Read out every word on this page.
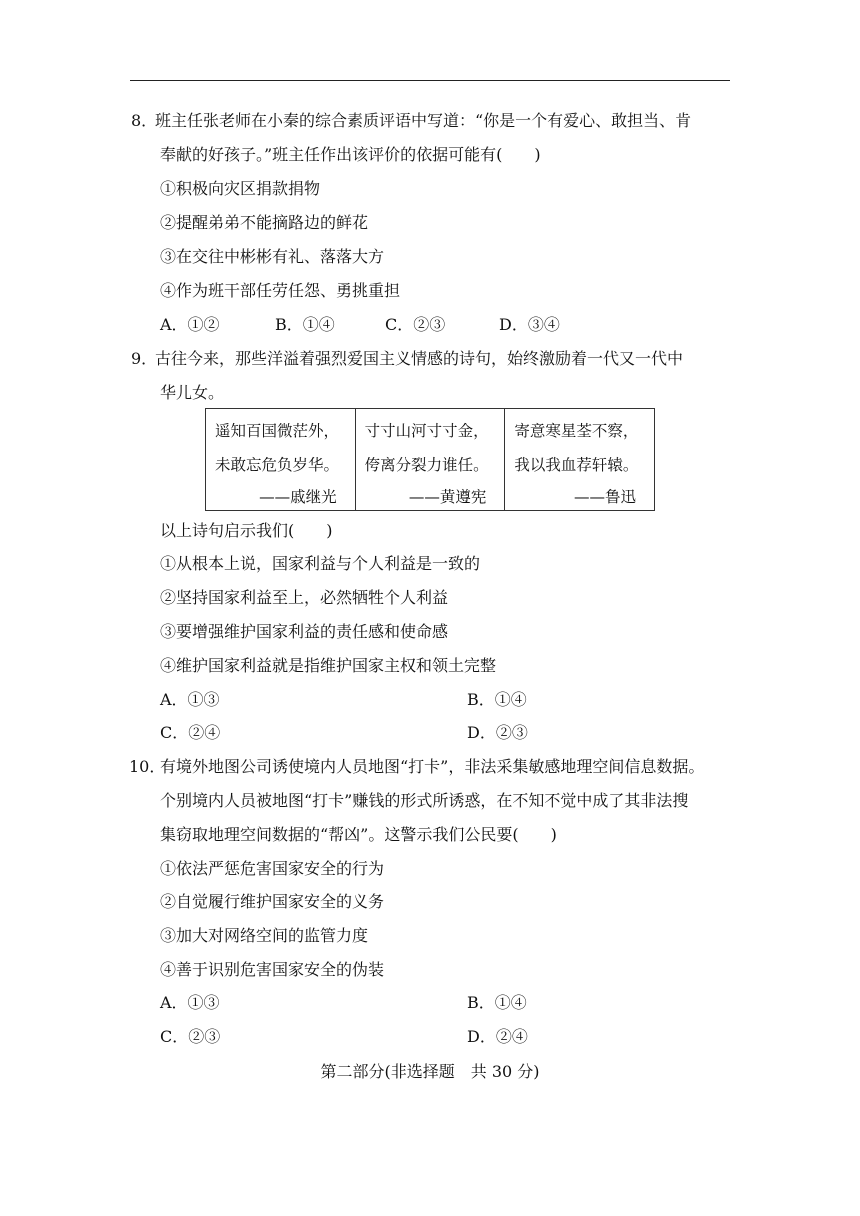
8．
班主任张老师在小秦的综合素质评语中写道：“你是一个有爱心、敢担当、肯
奉献的好孩子。”班主任作出该评价的依据可能有(　　)
①积极向灾区捐款捐物
②提醒弟弟不能摘路边的鲜花
③在交往中彬彬有礼、落落大方
④作为班干部任劳任怨、勇挑重担
A．①②	B．①④	C．②③	D．③④
9．
古往今来，那些洋溢着强烈爱国主义情感的诗句，始终激励着一代又一代中
华儿女。
遥知百国微茫外，
未敢忘危负岁华。
——戚继光
寸寸山河寸寸金，
侉离分裂力谁任。
——黄遵宪
寄意寒星荃不察，
我以我血荐轩辕。
——鲁迅
以上诗句启示我们(　　)
①从根本上说，国家利益与个人利益是一致的
②坚持国家利益至上，必然牺牲个人利益
③要增强维护国家利益的责任感和使命感
④维护国家利益就是指维护国家主权和领土完整
A．①③	B．①④
C．②④	D．②③
10．
有境外地图公司诱使境内人员地图“打卡”，非法采集敏感地理空间信息数据。
个别境内人员被地图“打卡”赚钱的形式所诱惑，在不知不觉中成了其非法搜
集窃取地理空间数据的“帮凶”。这警示我们公民要(　　)
①依法严惩危害国家安全的行为
②自觉履行维护国家安全的义务
③加大对网络空间的监管力度
④善于识别危害国家安全的伪装
A．①③	B．①④
C．②③	D．②④
第二部分(非选择题　共 30 分)
